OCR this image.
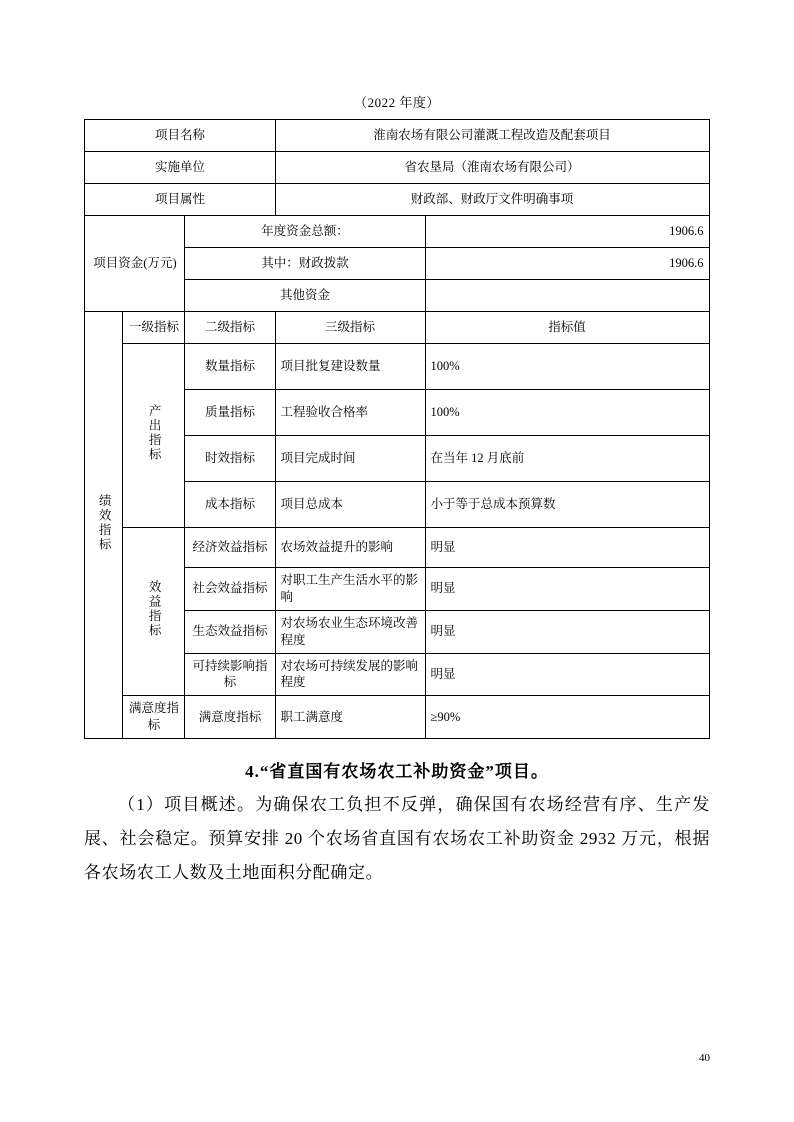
（2022 年度）
项目名称			淮南农场有限公司灌溉工程改造及配套项目	
实施单位			省农垦局（淮南农场有限公司）	
项目属性			财政部、财政厅文件明确事项	
项目资金(万元)		年度资金总额：		1906.6
		其中：财政拨款		1906.6
		其他资金		
绩效指标	一级指标	二级指标	三级指标	指标值
	产出指标	数量指标	项目批复建设数量	100%
		质量指标	工程验收合格率	100%
		时效指标	项目完成时间	在当年 12 月底前
		成本指标	项目总成本	小于等于总成本预算数
	效益指标	经济效益指标	农场效益提升的影响	明显
		社会效益指标	对职工生产生活水平的影响	明显
		生态效益指标	对农场农业生态环境改善程度	明显
		可持续影响指标	对农场可持续发展的影响程度	明显
	满意度指标	满意度指标	职工满意度	≥90%
4.“省直国有农场农工补助资金”项目。

（1）项目概述。为确保农工负担不反弹，确保国有农场经营有序、生产发展、社会稳定。预算安排 20 个农场省直国有农场农工补助资金 2932 万元，根据各农场农工人数及土地面积分配确定。

40
